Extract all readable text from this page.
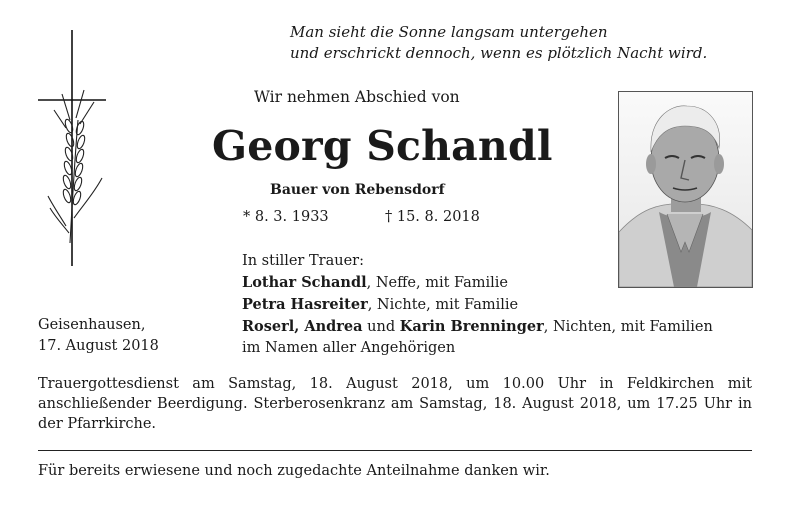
Man sieht die Sonne langsam untergehen
und erschrickt dennoch, wenn es plötzlich Nacht wird.
Wir nehmen Abschied von
Georg Schandl
Bauer von Rebensdorf
* 8. 3. 1933	† 15. 8. 2018
In stiller Trauer:
Lothar Schandl, Neffe, mit Familie
Petra Hasreiter, Nichte, mit Familie
Roserl, Andrea und Karin Brenninger, Nichten, mit Familien
im Namen aller Angehörigen
Geisenhausen,
17. August 2018
Trauergottesdienst am Samstag, 18. August 2018, um 10.00 Uhr in Feldkirchen mit anschließender Beerdigung. Sterberosenkranz am Samstag, 18. August 2018, um 17.25 Uhr in der Pfarrkirche.
Für bereits erwiesene und noch zugedachte Anteilnahme danken wir.
